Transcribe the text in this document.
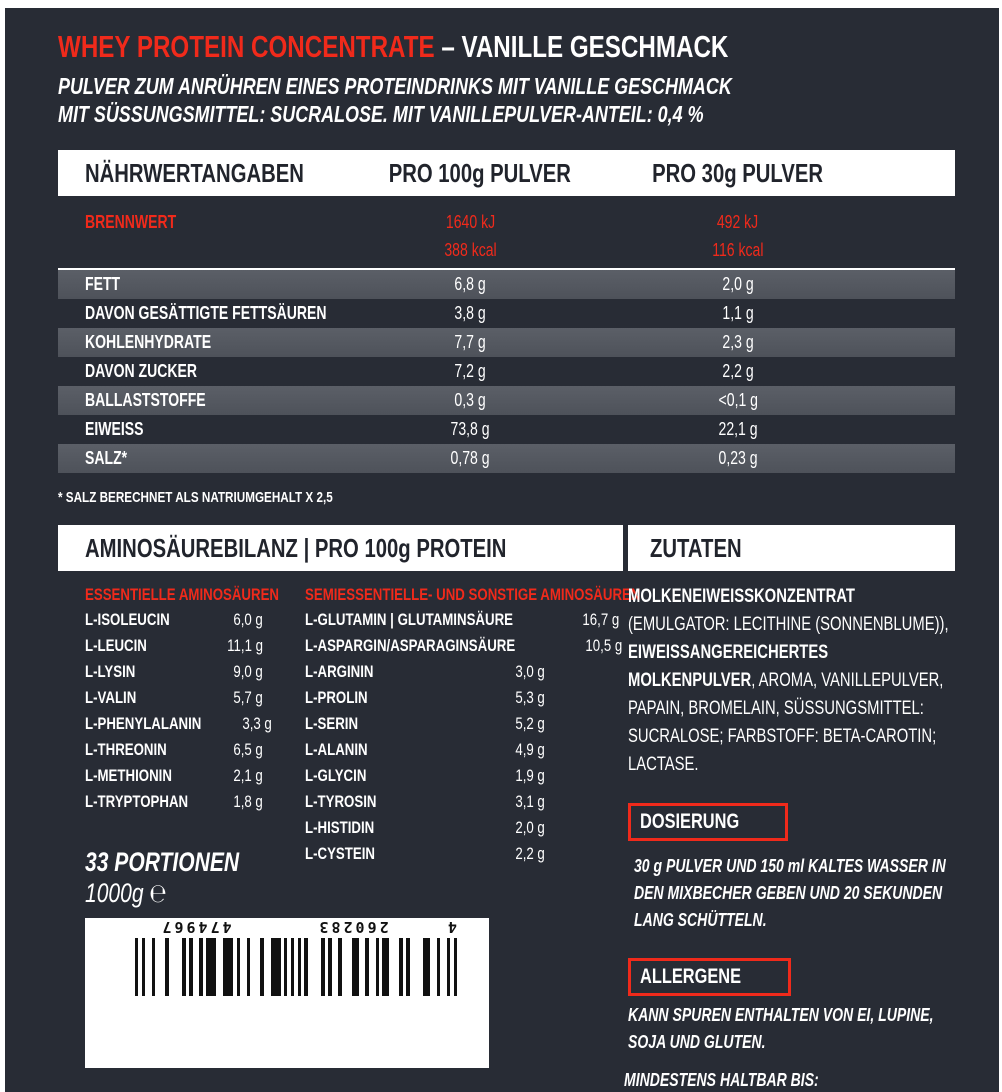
WHEY PROTEIN CONCENTRATE – VANILLE GESCHMACK
PULVER ZUM ANRÜHREN EINES PROTEINDRINKS MIT VANILLE GESCHMACK
MIT SÜSSUNGSMITTEL: SUCRALOSE. MIT VANILLEPULVER-ANTEIL: 0,4 %
NÄHRWERTANGABEN	PRO 100g PULVER	PRO 30g PULVER
BRENNWERT	1640 kJ	492 kJ
388 kcal	116 kcal
FETT	6,8 g	2,0 g
DAVON GESÄTTIGTE FETTSÄUREN	3,8 g	1,1 g
KOHLENHYDRATE	7,7 g	2,3 g
DAVON ZUCKER	7,2 g	2,2 g
BALLASTSTOFFE	0,3 g	<0,1 g
EIWEISS	73,8 g	22,1 g
SALZ*	0,78 g	0,23 g
* SALZ BERECHNET ALS NATRIUMGEHALT X 2,5
AMINOSÄUREBILANZ | PRO 100g PROTEIN
ESSENTIELLE AMINOSÄUREN
L-ISOLEUCIN	6,0 g
L-LEUCIN	11,1 g
L-LYSIN	9,0 g
L-VALIN	5,7 g
L-PHENYLALANIN	3,3 g
L-THREONIN	6,5 g
L-METHIONIN	2,1 g
L-TRYPTOPHAN	1,8 g
33 PORTIONEN
1000g ℮
4
260283
474967
SEMIESSENTIELLE- UND SONSTIGE AMINOSÄUREN
L-GLUTAMIN | GLUTAMINSÄURE	16,7 g
L-ASPARGIN/ASPARAGINSÄURE	10,5 g
L-ARGININ	3,0 g
L-PROLIN	5,3 g
L-SERIN	5,2 g
L-ALANIN	4,9 g
L-GLYCIN	1,9 g
L-TYROSIN	3,1 g
L-HISTIDIN	2,0 g
L-CYSTEIN	2,2 g
ZUTATEN
MOLKENEIWEISSKONZENTRAT (EMULGATOR: LECITHINE (SONNENBLUME)), EIWEISSANGEREICHERTES MOLKENPULVER, AROMA, VANILLEPULVER, PAPAIN, BROMELAIN, SÜSSUNGSMITTEL: SUCRALOSE; FARBSTOFF: BETA-CAROTIN; LACTASE.
DOSIERUNG
30 g PULVER UND 150 ml KALTES WASSER IN DEN MIXBECHER GEBEN UND 20 SEKUNDEN LANG SCHÜTTELN.
ALLERGENE
KANN SPUREN ENTHALTEN VON EI, LUPINE, SOJA UND GLUTEN.
MINDESTENS HALTBAR BIS:
